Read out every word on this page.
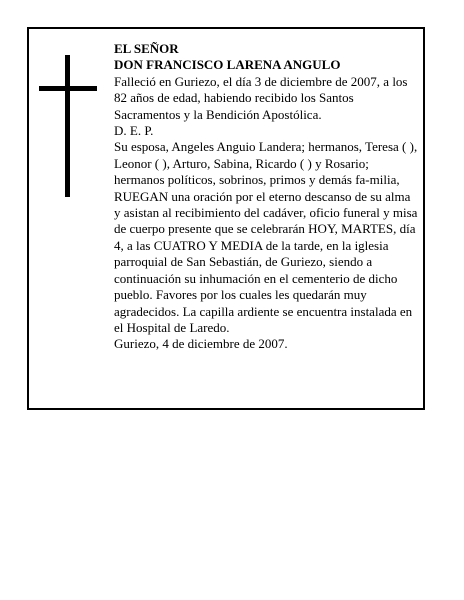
EL SEÑOR

DON FRANCISCO LARENA ANGULO

Falleció en Guriezo, el día 3 de diciembre de 2007, a los 82 años de edad, habiendo recibido los Santos Sacramentos y la Bendición Apostólica.

D. E. P.

Su esposa, Angeles Anguio Landera; hermanos, Teresa ( ), Leonor ( ), Arturo, Sabina, Ricardo ( ) y Rosario; hermanos políticos, sobrinos, primos y demás fa-milia, RUEGAN una oración por el eterno descanso de su alma y asistan al recibimiento del cadáver, oficio funeral y misa de cuerpo presente que se celebrarán HOY, MARTES, día 4, a las CUATRO Y MEDIA de la tarde, en la iglesia parroquial de San Sebastián, de Guriezo, siendo a continuación su inhumación en el cementerio de dicho pueblo. Favores por los cuales les quedarán muy agradecidos. La capilla ardiente se encuentra instalada en el Hospital de Laredo.

Guriezo, 4 de diciembre de 2007.
